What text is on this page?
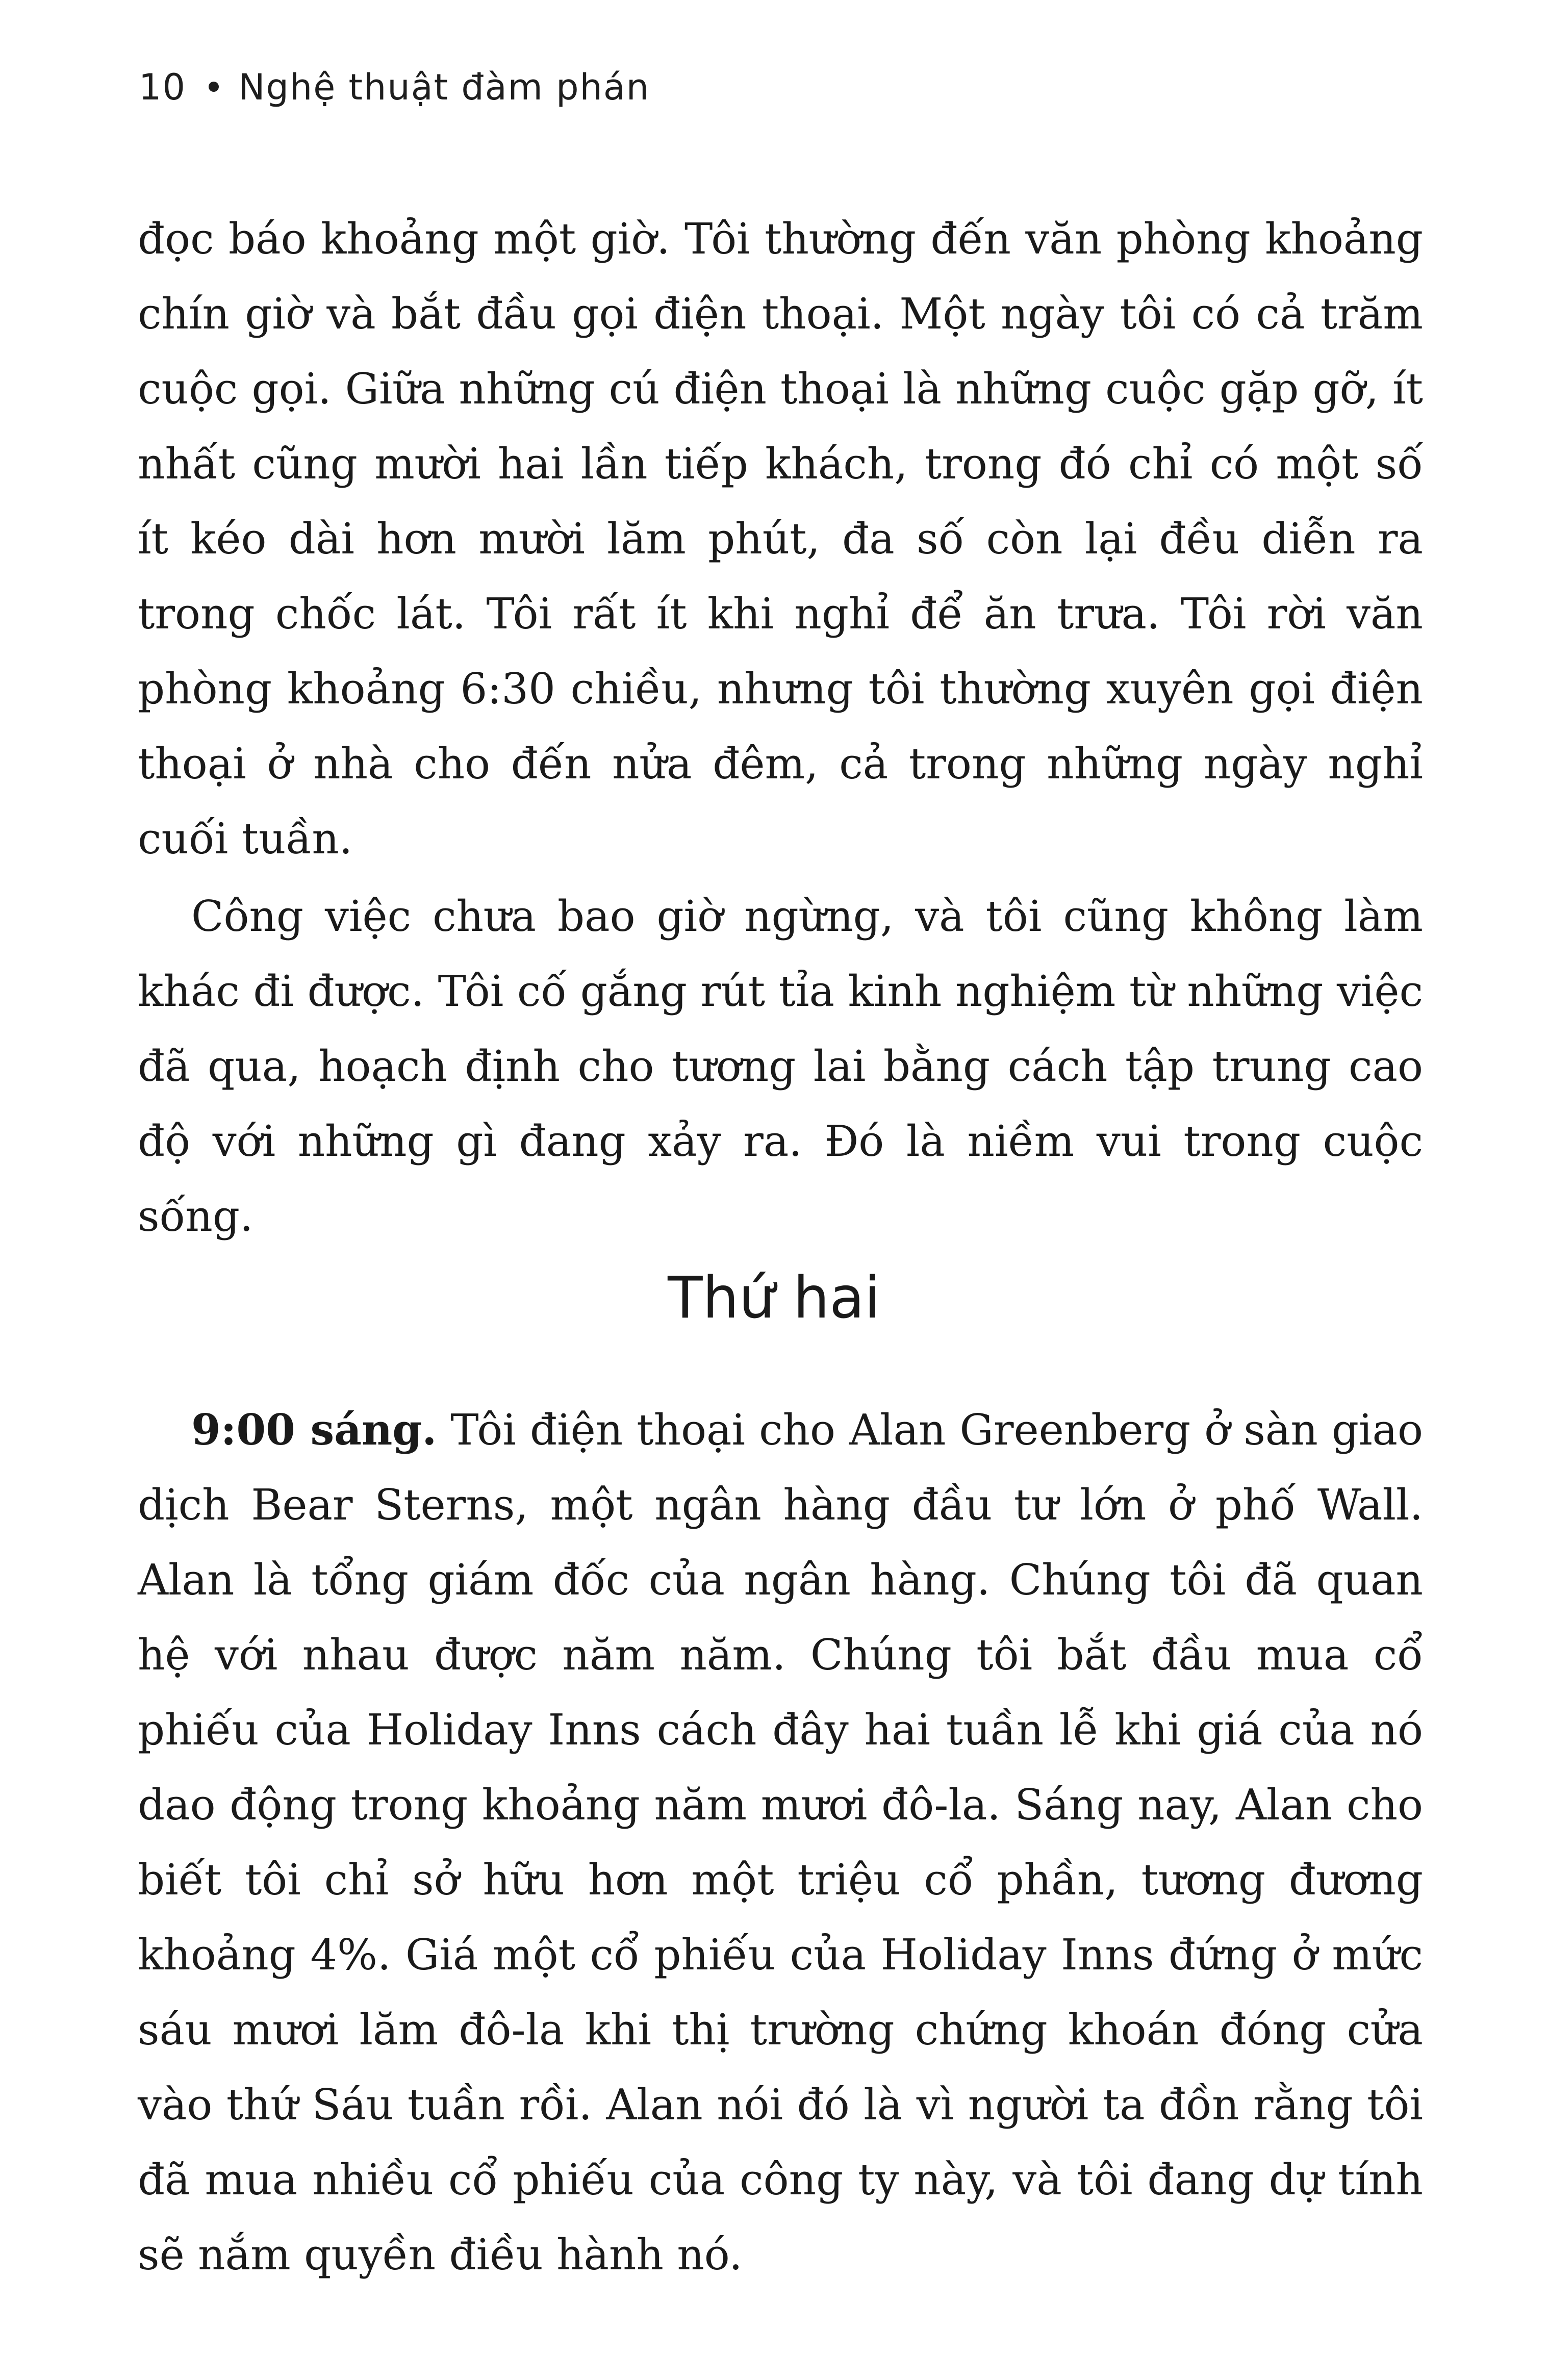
10 Nghệ thuật đàm phán

đọc báo khoảng một giờ. Tôi thường đến văn phòng khoảng chín giờ và bắt đầu gọi điện thoại. Một ngày tôi có cả trăm cuộc gọi. Giữa những cú điện thoại là những cuộc gặp gỡ, ít nhất cũng mười hai lần tiếp khách, trong đó chỉ có một số ít kéo dài hơn mười lăm phút, đa số còn lại đều diễn ra trong chốc lát. Tôi rất ít khi nghỉ để ăn trưa. Tôi rời văn phòng khoảng 6:30 chiều, nhưng tôi thường xuyên gọi điện thoại ở nhà cho đến nửa đêm, cả trong những ngày nghỉ cuối tuần.

Công việc chưa bao giờ ngừng, và tôi cũng không làm khác đi được. Tôi cố gắng rút tỉa kinh nghiệm từ những việc đã qua, hoạch định cho tương lai bằng cách tập trung cao độ với những gì đang xảy ra. Đó là niềm vui trong cuộc sống.

Thứ hai

9:00 sáng. Tôi điện thoại cho Alan Greenberg ở sàn giao dịch Bear Sterns, một ngân hàng đầu tư lớn ở phố Wall. Alan là tổng giám đốc của ngân hàng. Chúng tôi đã quan hệ với nhau được năm năm. Chúng tôi bắt đầu mua cổ phiếu của Holiday Inns cách đây hai tuần lễ khi giá của nó dao động trong khoảng năm mươi đô-la. Sáng nay, Alan cho biết tôi chỉ sở hữu hơn một triệu cổ phần, tương đương khoảng 4%. Giá một cổ phiếu của Holiday Inns đứng ở mức sáu mươi lăm đô-la khi thị trường chứng khoán đóng cửa vào thứ Sáu tuần rồi. Alan nói đó là vì người ta đồn rằng tôi đã mua nhiều cổ phiếu của công ty này, và tôi đang dự tính sẽ nắm quyền điều hành nó.
